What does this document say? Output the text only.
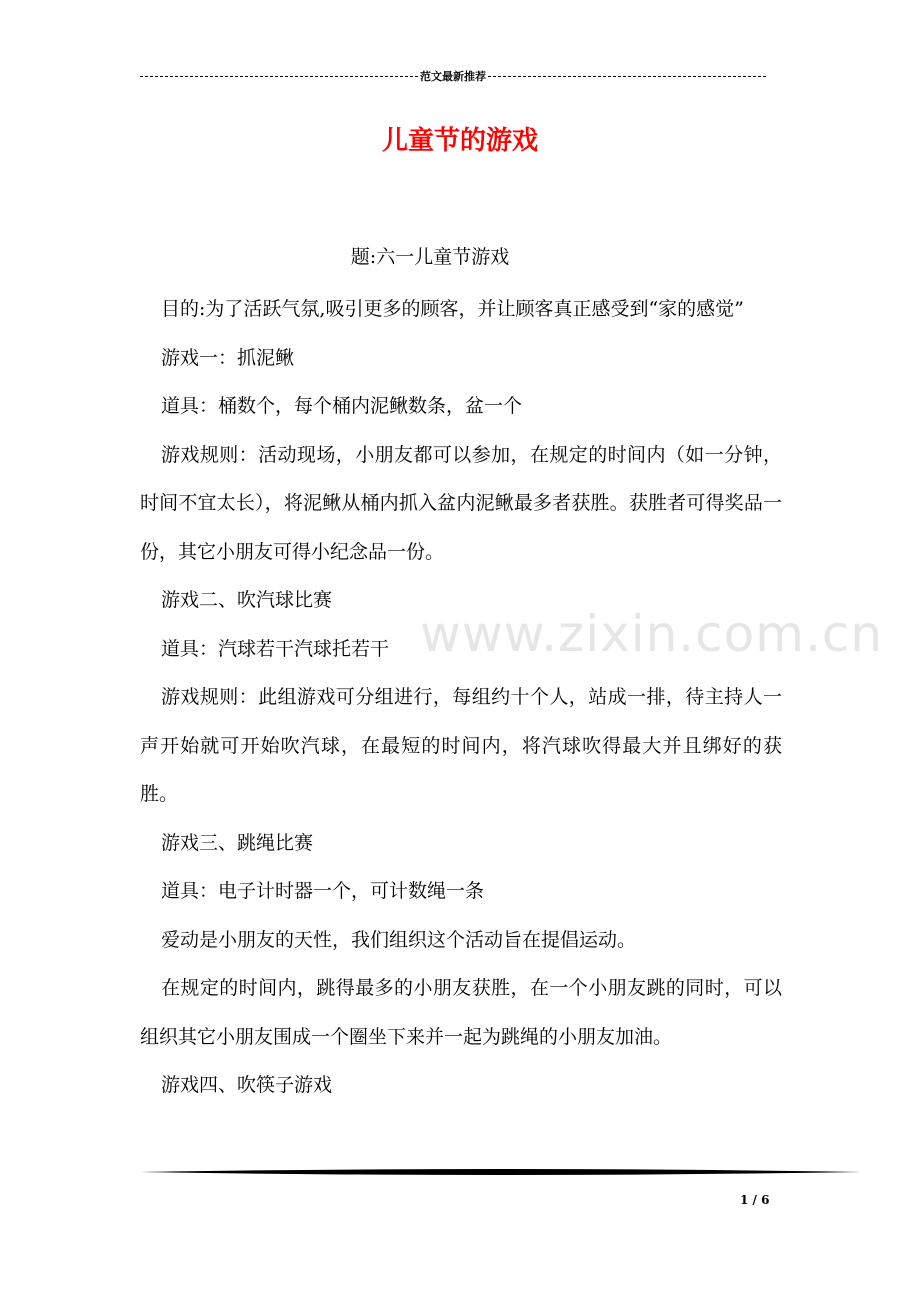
范文最新推荐
儿童节的游戏
题:六一儿童节游戏

目的:为了活跃气氛,吸引更多的顾客，并让顾客真正感受到“家的感觉”

游戏一：抓泥鳅

道具：桶数个，每个桶内泥鳅数条，盆一个

游戏规则：活动现场，小朋友都可以参加，在规定的时间内（如一分钟，时间不宜太长），将泥鳅从桶内抓入盆内泥鳅最多者获胜。获胜者可得奖品一份，其它小朋友可得小纪念品一份。

游戏二、吹汽球比赛

道具：汽球若干汽球托若干

游戏规则：此组游戏可分组进行，每组约十个人，站成一排，待主持人一声开始就可开始吹汽球，在最短的时间内，将汽球吹得最大并且绑好的获胜。

游戏三、跳绳比赛

道具：电子计时器一个，可计数绳一条

爱动是小朋友的天性，我们组织这个活动旨在提倡运动。

在规定的时间内，跳得最多的小朋友获胜，在一个小朋友跳的同时，可以组织其它小朋友围成一个圈坐下来并一起为跳绳的小朋友加油。

游戏四、吹筷子游戏

www.zixin.com.cn
1 / 6
